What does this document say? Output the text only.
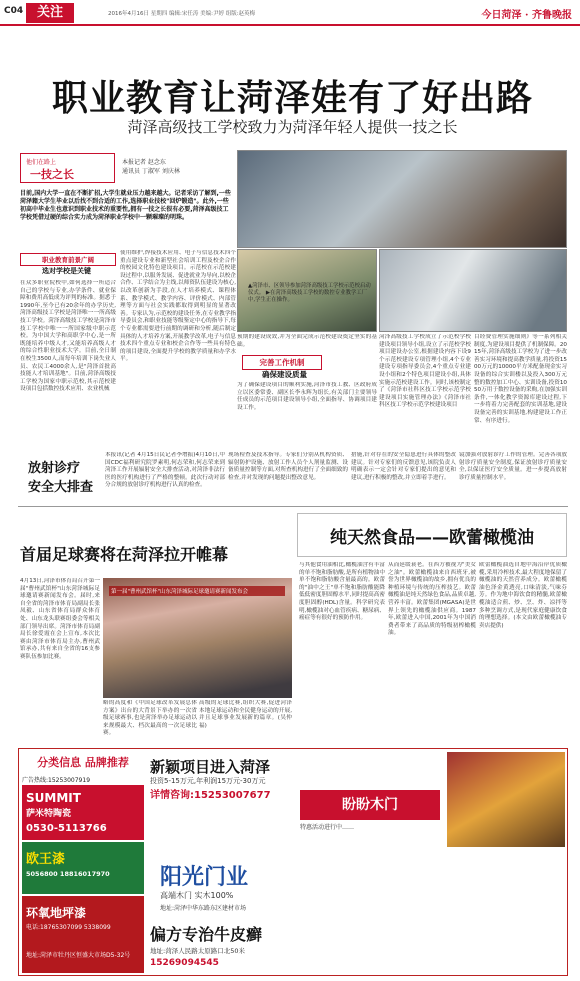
C04	关注	2016年4月16日 星期四 编辑:宋任涛 美编:尹婷 组版:赵英梅	今日菏泽 · 齐鲁晚报
职业教育让菏泽娃有了好出路
菏泽高级技工学校致力为菏泽年轻人提供一技之长
他们在路上
一技之长
本报记者 赵念东
通讯员 丁淑军 刘庆林
▲菏泽市、区领导参加菏泽高级技工学校示范校启动仪式。 ▶在菏泽高级技工学校的数控专业教学工厂中,学生正在操作。
目前,国内大学一直在不断扩招,大学生就业压力越来越大。记者采访了解到,一些菏泽籍大学生毕业以后找不到合适的工作,选择职业技校"回炉锻造"。此外,一些初高中毕业生也意识到职业技术的重要性,拥有一技之长很有必要,菏泽高级技工学校凭借过硬的综合实力成为菏泽职业学校中一颗璀璨的明珠。
职业教育前景广阔
选对学校是关键
在众多职业院校中,如何选择一所适合自己的学校与专业,办学条件、就业保障和费用高低成为评判的标准。据悉于1990年,至今已有20余年的办学历史,菏泽高级技工学校是菏泽唯一一所高级技工学校。菏泽高级技工学校是菏泽市技工学校中唯一一所国家级中职示范校。为中国大学和高职学中心,是一所既能培养中级人才,又能培养高级人才的综合性职业技术大学。目前,全日制在校生3500人,而每年培训下岗失业人员、农民工4000余人,是"菏泽首批高技能人才培训基地"。目前,菏泽高级技工学校为国家中职示范校,其示范校建设项目包括数控技术应用、农业机械
使用维护,焊接技术应用、电子与信息技术四个重点建设专业和新型社会培训工程及校企合作的校园文化特色建设项目。示范校在示范校建设过程中,以服务发展、促进就业为导向,以校企合作、工学结合为主线,以师资队伍建设为核心,以改革创新为手段,在人才培养模式、课程体系、教学模式、教学内容、评价模式、内部管理等方面与社会实践都取得到明显的显著改善。专家认为,示范校的建设任务,在专业教学指导委员会,和职业技能等级鉴定中心的指导下,每个专业都需要进行前期的调研和分析,随后制定具体的人才培养方案,开展教学改革,电子与信息技术四个重点专业和校企合作等一些具有特色的项目建设,全面提升学校的教学质量和办学水平。
预期的建设成效,并为全面完成示范校建设奠定坚实的基础。
完善工作机制
确保建设质量
为了确保建设项目的顺利实施,菏泽市技工教、区政府成立以区委常委、副区长李永辉为组长,有关部门主要领导任成员的示范项目建设领导小组,全面指导、协调项目建设工作。
菏泽高级技工学校成立了示范校学校建设项目领导小组,设立了示范校学校项目建设办公室,根据建设内容下设9个示范校建设专项管理小组,4个专业建设专项指导委员会,4个重点专业建设小组和2个特色项目建设小组,具体实施示范校建设工作。同时,该校制定了《菏泽市社科区技工学校示范学校建设项目实施管理办法》《菏泽市社科区技工学校示范学校建设项目
目经费管理实施细则》等一系列相关制度,为建设项目提供了机制保障。2015年,菏泽高级技工学校为了进一步改善实习环境和提高教学质量,将投资1500万元的10000平方米配备现金实习设备的综合实训楼以及投入300万元整的数控加工中心、实训设备,投资1050万用于数控设备的采购,在加强实训条件,一体化教学资源库建设过程,下一步将着力完善配套的实训基地,建设设备完善的实训基地,构建建设工作正常、有序进行。
放射诊疗
安全大排查
本报讯(记者 4月15日民记者李增振)4月10日,中国CDC福利研究院罗素明,何志荣和,何志荣来到菏泽工作开展辐射安全大排查活动,对菏泽非法行医的医疗机构进行了严格的整顿。此次行动对部分合规的放射诊疗机构进行认真的检查。
现场检查及技术指导。专家们分别从机构资质、辐射防护设施、放射工作人员个人剂量监测、设备质量控制等方面,对所查机构进行了全面细致的检查,并对发现的问题提出整改意见。
措施,针对存在的安全隐患进行具体的整改建议。针对专家们的反馈意见,该院负责人明确表示一定会针对专家们提出的意见和建议,进行积极的整改,并立即着手进行。
镜加强对放射诊疗工作的管理。完善各项放射诊疗质量安全制度,保证放射诊疗质量安全,以保证医疗安全质量。进一步提高放射诊疗质量控制水平。
首届足球赛将在菏泽拉开帷幕
4月13日,菏泽市体育局召开第一届"曹州武馆杯"山东菏泽城际足球邀请赛新闻发布会。届时,来自全省的菏泽市体育局副局长张凤毅、山东省体育局群众体育处、山东龙头联赛组委会等相关部门领导出席。菏泽市体育局副局长徐爱霞在会上宣布,本次比赛由菏泽市体育局主办,曹州武馆承办,共有来自全省的16支参赛队伍参加比赛。
第一届"曹州武馆杯"山东菏泽城际足球邀请赛新闻发布会
略的高度和《中国足球改革发展总体方案》出台的大背景下举办的一次省级足球赛事,也是菏泽举办足球运动以来规模最大、档次最高的一次足球比赛。
高级的足球比赛,组织大赛,促进菏泽本地足球运动和全民健身运动的开展,并且足球事业发展新的篇章。(吴仲福)
纯天然食品——欧蕾橄榄油
与其他食用油相比,橄榄油含有丰富的单不饱和脂肪酸,是所有植物油中单不饱和脂肪酸含量最高的。欧蕾的"油中之王"单不饱和脂肪酸能降低低密度胆固醇水平,同时提高高密度胆固醇(HDL)含量。科学研究表明,橄榄油对心血管疾病、糖尿病、癌症等有很好的预防作用。
从而延缓衰老。在西方被视为"美女之油"。欧蕾橄榄油来自西班牙,被誉为世界橄榄油的故乡,拥有优良的种植环境与传统的压榨技艺。欧蕾橄榄油是纯天然绿色食品,品质卓越,营养丰富。欧蕾集团(MGASA)是世界上领先的橄榄油供应商。1987年,欧蕾进入中国,2001年为中国消费者带来了高品质的特级初榨橄榄油。
欧蕾橄榄油选自地中海沿岸优质橄榄,采用冷榨技术,最大程度地保留了橄榄油的天然营养成分。欧蕾橄榄油色泽金黄透亮,口味清淡,气味芬芳。作为地中海饮食的精髓,欧蕾橄榄油适合煎、炒、烹、炸、凉拌等多种烹调方式,是现代家庭健康饮食的理想选择。(本文由欧蕾橄榄油专卖店提供)
分类信息 品牌推荐
广告热线:15253007919
SUMMIT
萨米特陶瓷
0530-5113766
欧王漆
5056800 18816017970
环氧地坪漆
电话:18765307099 5338099
地址:菏泽市牡丹区恒盛大市场D5-32号
新颖项目进入菏泽
投资5-15万元,年利润15万元-30万元
详情咨询:15253007677
盼盼木门
特惠活动进行中……
阳光门业
高端木门 实木100%
地址:菏泽中华东路东区建材市场
偏方专治牛皮癣
地址:菏泽人民路太原路口北50米
15269094545
